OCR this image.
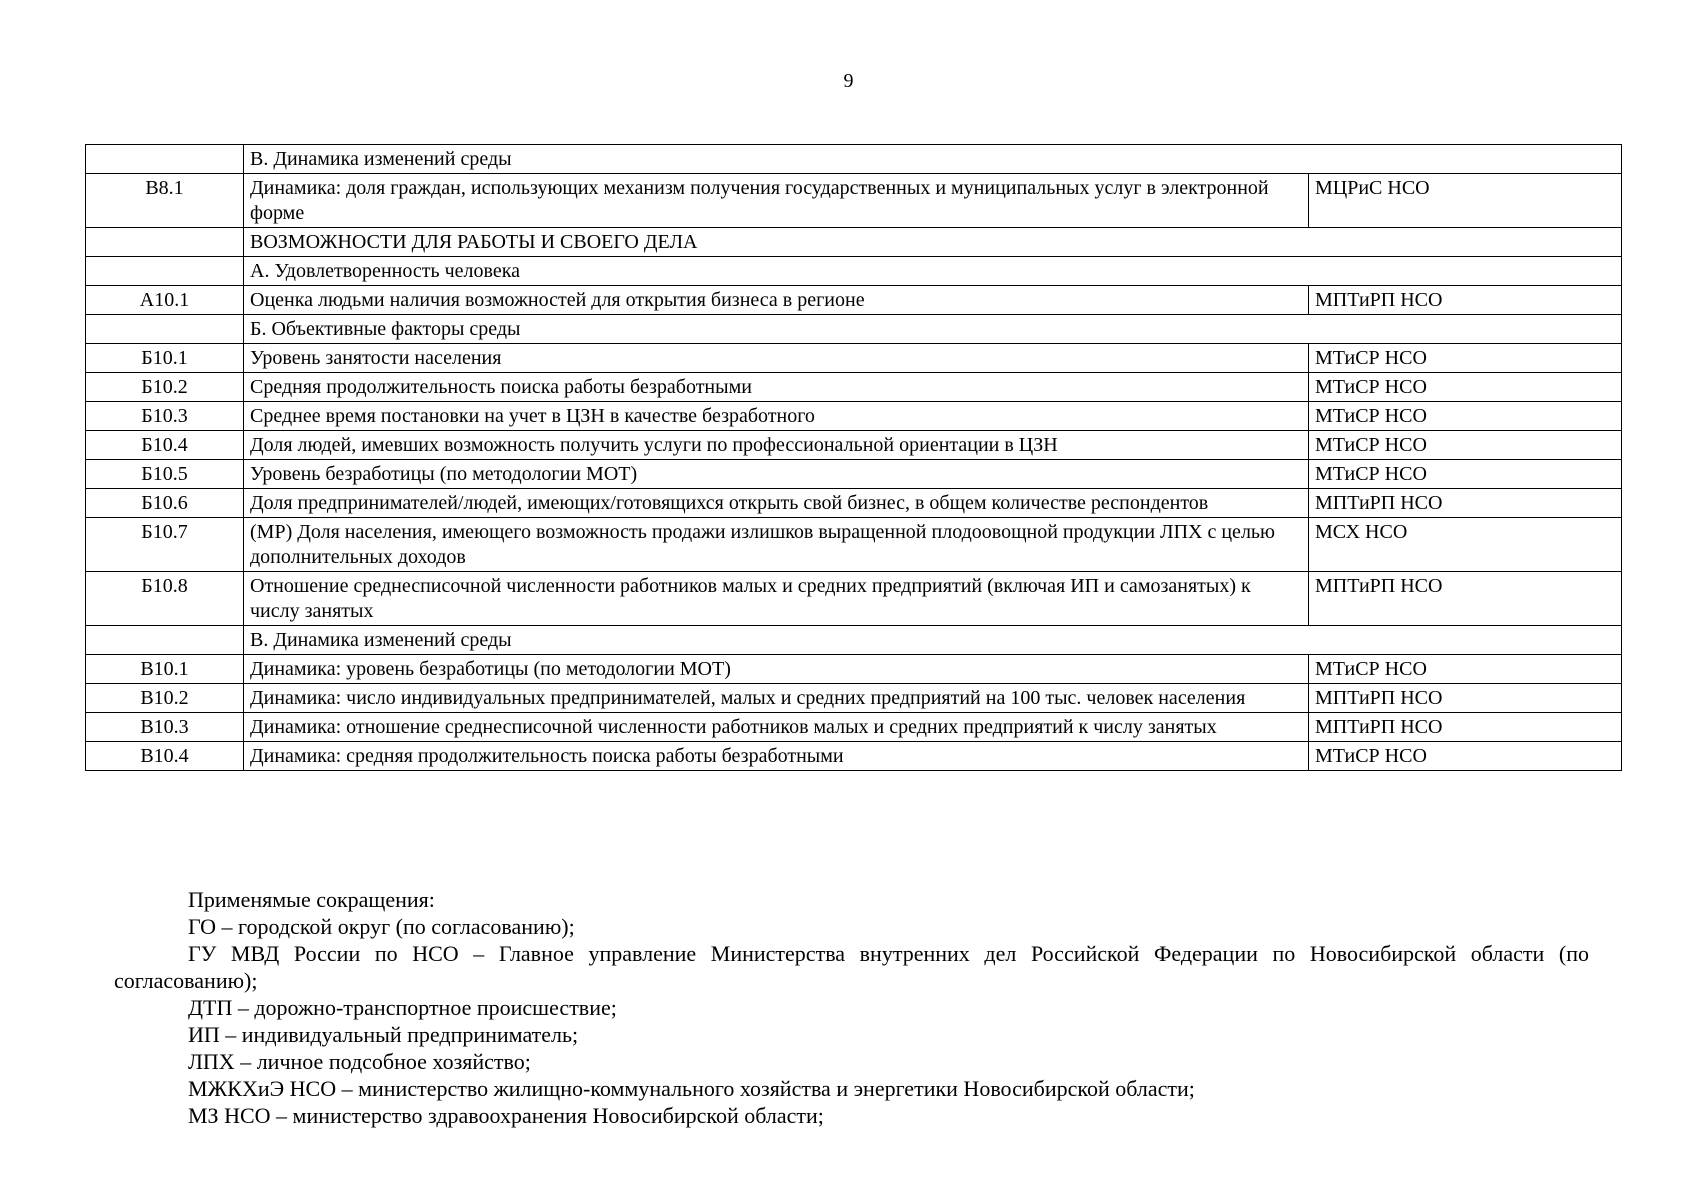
9
	В. Динамика изменений среды	
В8.1	Динамика: доля граждан, использующих механизм получения государственных и муниципальных услуг в электронной форме	МЦРиС НСО
	ВОЗМОЖНОСТИ ДЛЯ РАБОТЫ И СВОЕГО ДЕЛА	
	А. Удовлетворенность человека	
А10.1	Оценка людьми наличия возможностей для открытия бизнеса в регионе	МПТиРП НСО
	Б. Объективные факторы среды	
Б10.1	Уровень занятости населения	МТиСР НСО
Б10.2	Средняя продолжительность поиска работы безработными	МТиСР НСО
Б10.3	Среднее время постановки на учет в ЦЗН в качестве безработного	МТиСР НСО
Б10.4	Доля людей, имевших возможность получить услуги по профессиональной ориентации в ЦЗН	МТиСР НСО
Б10.5	Уровень безработицы (по методологии МОТ)	МТиСР НСО
Б10.6	Доля предпринимателей/людей, имеющих/готовящихся открыть свой бизнес, в общем количестве респондентов	МПТиРП НСО
Б10.7	(МР) Доля населения, имеющего возможность продажи излишков выращенной плодоовощной продукции ЛПХ с целью дополнительных доходов	МСХ НСО
Б10.8	Отношение среднесписочной численности работников малых и средних предприятий (включая ИП и самозанятых) к числу занятых	МПТиРП НСО
	В. Динамика изменений среды	
В10.1	Динамика: уровень безработицы (по методологии МОТ)	МТиСР НСО
В10.2	Динамика: число индивидуальных предпринимателей, малых и средних предприятий на 100 тыс. человек населения	МПТиРП НСО
В10.3	Динамика: отношение среднесписочной численности работников малых и средних предприятий к числу занятых	МПТиРП НСО
В10.4	Динамика: средняя продолжительность поиска работы безработными	МТиСР НСО

Применямые сокращения:

ГО – городской округ (по согласованию);

ГУ МВД России по НСО – Главное управление Министерства внутренних дел Российской Федерации по Новосибирской области (по согласованию);

ДТП – дорожно-транспортное происшествие;

ИП – индивидуальный предприниматель;

ЛПХ – личное подсобное хозяйство;

МЖКХиЭ НСО – министерство жилищно-коммунального хозяйства и энергетики Новосибирской области;

МЗ НСО – министерство здравоохранения Новосибирской области;
